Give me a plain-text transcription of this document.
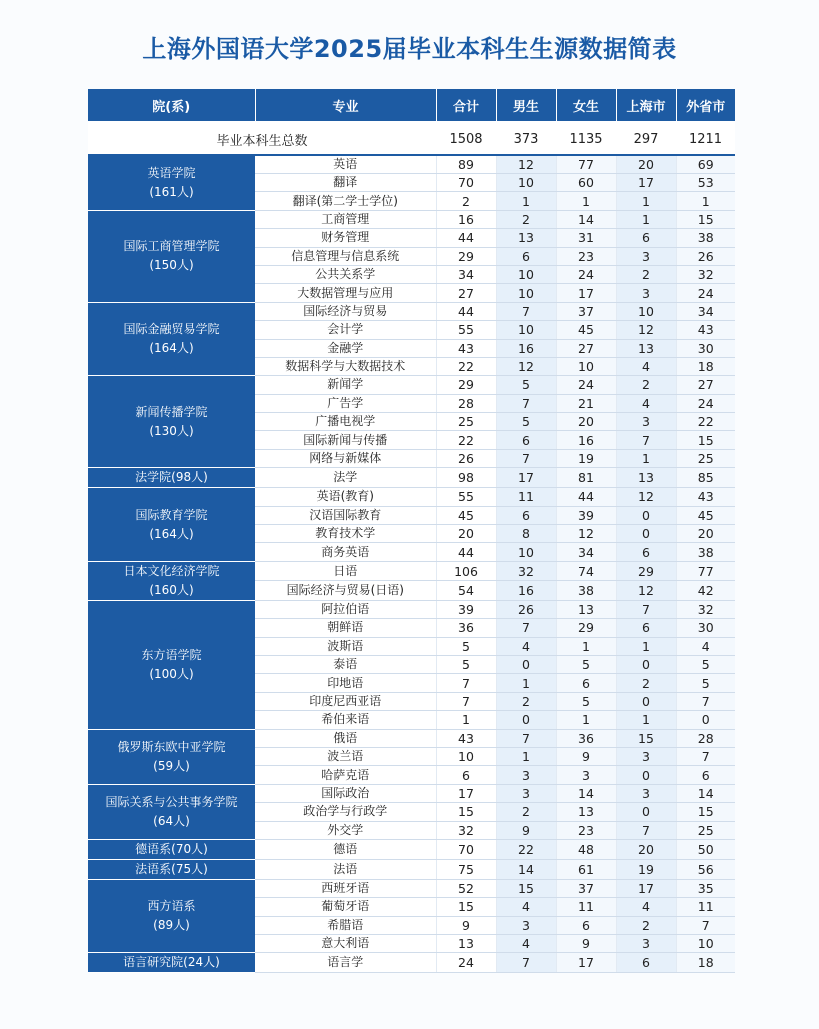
上海外国语大学2025届毕业本科生生源数据简表
院(系)	专业	合计	男生	女生	上海市	外省市
毕业本科生总数		1508	373	1135	297	1211

英语学院
(161人)	英语	89	12	77	20	69
	翻译	70	10	60	17	53
	翻译(第二学士学位)	2	1	1	1	1

国际工商管理学院
(150人)	工商管理	16	2	14	1	15
	财务管理	44	13	31	6	38
	信息管理与信息系统	29	6	23	3	26
	公共关系学	34	10	24	2	32
	大数据管理与应用	27	10	17	3	24

国际金融贸易学院
(164人)	国际经济与贸易	44	7	37	10	34
	会计学	55	10	45	12	43
	金融学	43	16	27	13	30
	数据科学与大数据技术	22	12	10	4	18

新闻传播学院
(130人)	新闻学	29	5	24	2	27
	广告学	28	7	21	4	24
	广播电视学	25	5	20	3	22
	国际新闻与传播	22	6	16	7	15
	网络与新媒体	26	7	19	1	25

法学院(98人)	法学	98	17	81	13	85

国际教育学院
(164人)	英语(教育)	55	11	44	12	43
	汉语国际教育	45	6	39	0	45
	教育技术学	20	8	12	0	20
	商务英语	44	10	34	6	38

日本文化经济学院
(160人)	日语	106	32	74	29	77
	国际经济与贸易(日语)	54	16	38	12	42

东方语学院
(100人)	阿拉伯语	39	26	13	7	32
	朝鲜语	36	7	29	6	30
	波斯语	5	4	1	1	4
	泰语	5	0	5	0	5
	印地语	7	1	6	2	5
	印度尼西亚语	7	2	5	0	7
	希伯来语	1	0	1	1	0

俄罗斯东欧中亚学院
(59人)	俄语	43	7	36	15	28
	波兰语	10	1	9	3	7
	哈萨克语	6	3	3	0	6

国际关系与公共事务学院
(64人)	国际政治	17	3	14	3	14
	政治学与行政学	15	2	13	0	15
	外交学	32	9	23	7	25

德语系(70人)	德语	70	22	48	20	50

法语系(75人)	法语	75	14	61	19	56

西方语系
(89人)	西班牙语	52	15	37	17	35
	葡萄牙语	15	4	11	4	11
	希腊语	9	3	6	2	7
	意大利语	13	4	9	3	10

语言研究院(24人)	语言学	24	7	17	6	18
